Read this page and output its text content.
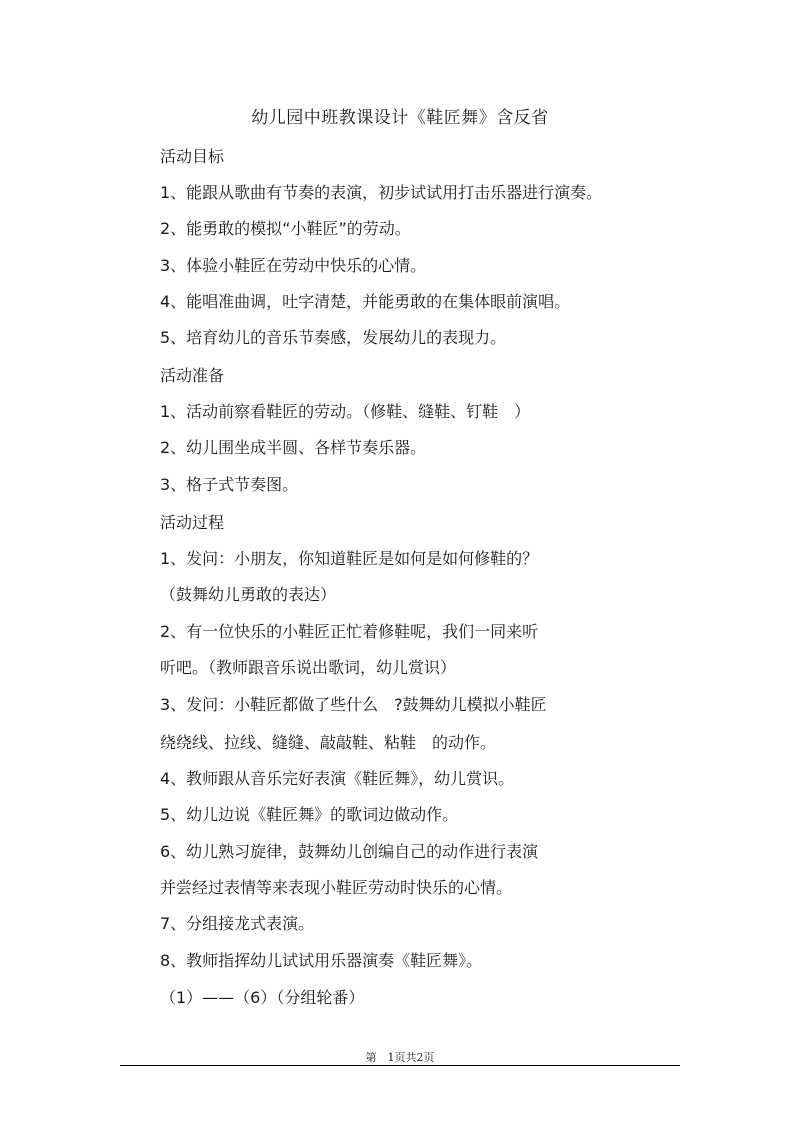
幼儿园中班教课设计《鞋匠舞》含反省
活动目标
1、能跟从歌曲有节奏的表演，初步试试用打击乐器进行演奏。
2、能勇敢的模拟“小鞋匠”的劳动。
3、体验小鞋匠在劳动中快乐的心情。
4、能唱准曲调，吐字清楚，并能勇敢的在集体眼前演唱。
5、培育幼儿的音乐节奏感，发展幼儿的表现力。
活动准备
1、活动前察看鞋匠的劳动。（修鞋、缝鞋、钉鞋　）
2、幼儿围坐成半圆、各样节奏乐器。
3、格子式节奏图。
活动过程
1、发问：小朋友，你知道鞋匠是如何是如何修鞋的？
（鼓舞幼儿勇敢的表达）
2、有一位快乐的小鞋匠正忙着修鞋呢，我们一同来听
听吧。（教师跟音乐说出歌词，幼儿赏识）
3、发问：小鞋匠都做了些什么　?鼓舞幼儿模拟小鞋匠
绕绕线、拉线、缝缝、敲敲鞋、粘鞋　的动作。
4、教师跟从音乐完好表演《鞋匠舞》，幼儿赏识。
5、幼儿边说《鞋匠舞》的歌词边做动作。
6、幼儿熟习旋律，鼓舞幼儿创编自己的动作进行表演
并尝经过表情等来表现小鞋匠劳动时快乐的心情。
7、分组接龙式表演。
8、教师指挥幼儿试试用乐器演奏《鞋匠舞》。
（1）——（6）（分组轮番）
第　1页共2页
